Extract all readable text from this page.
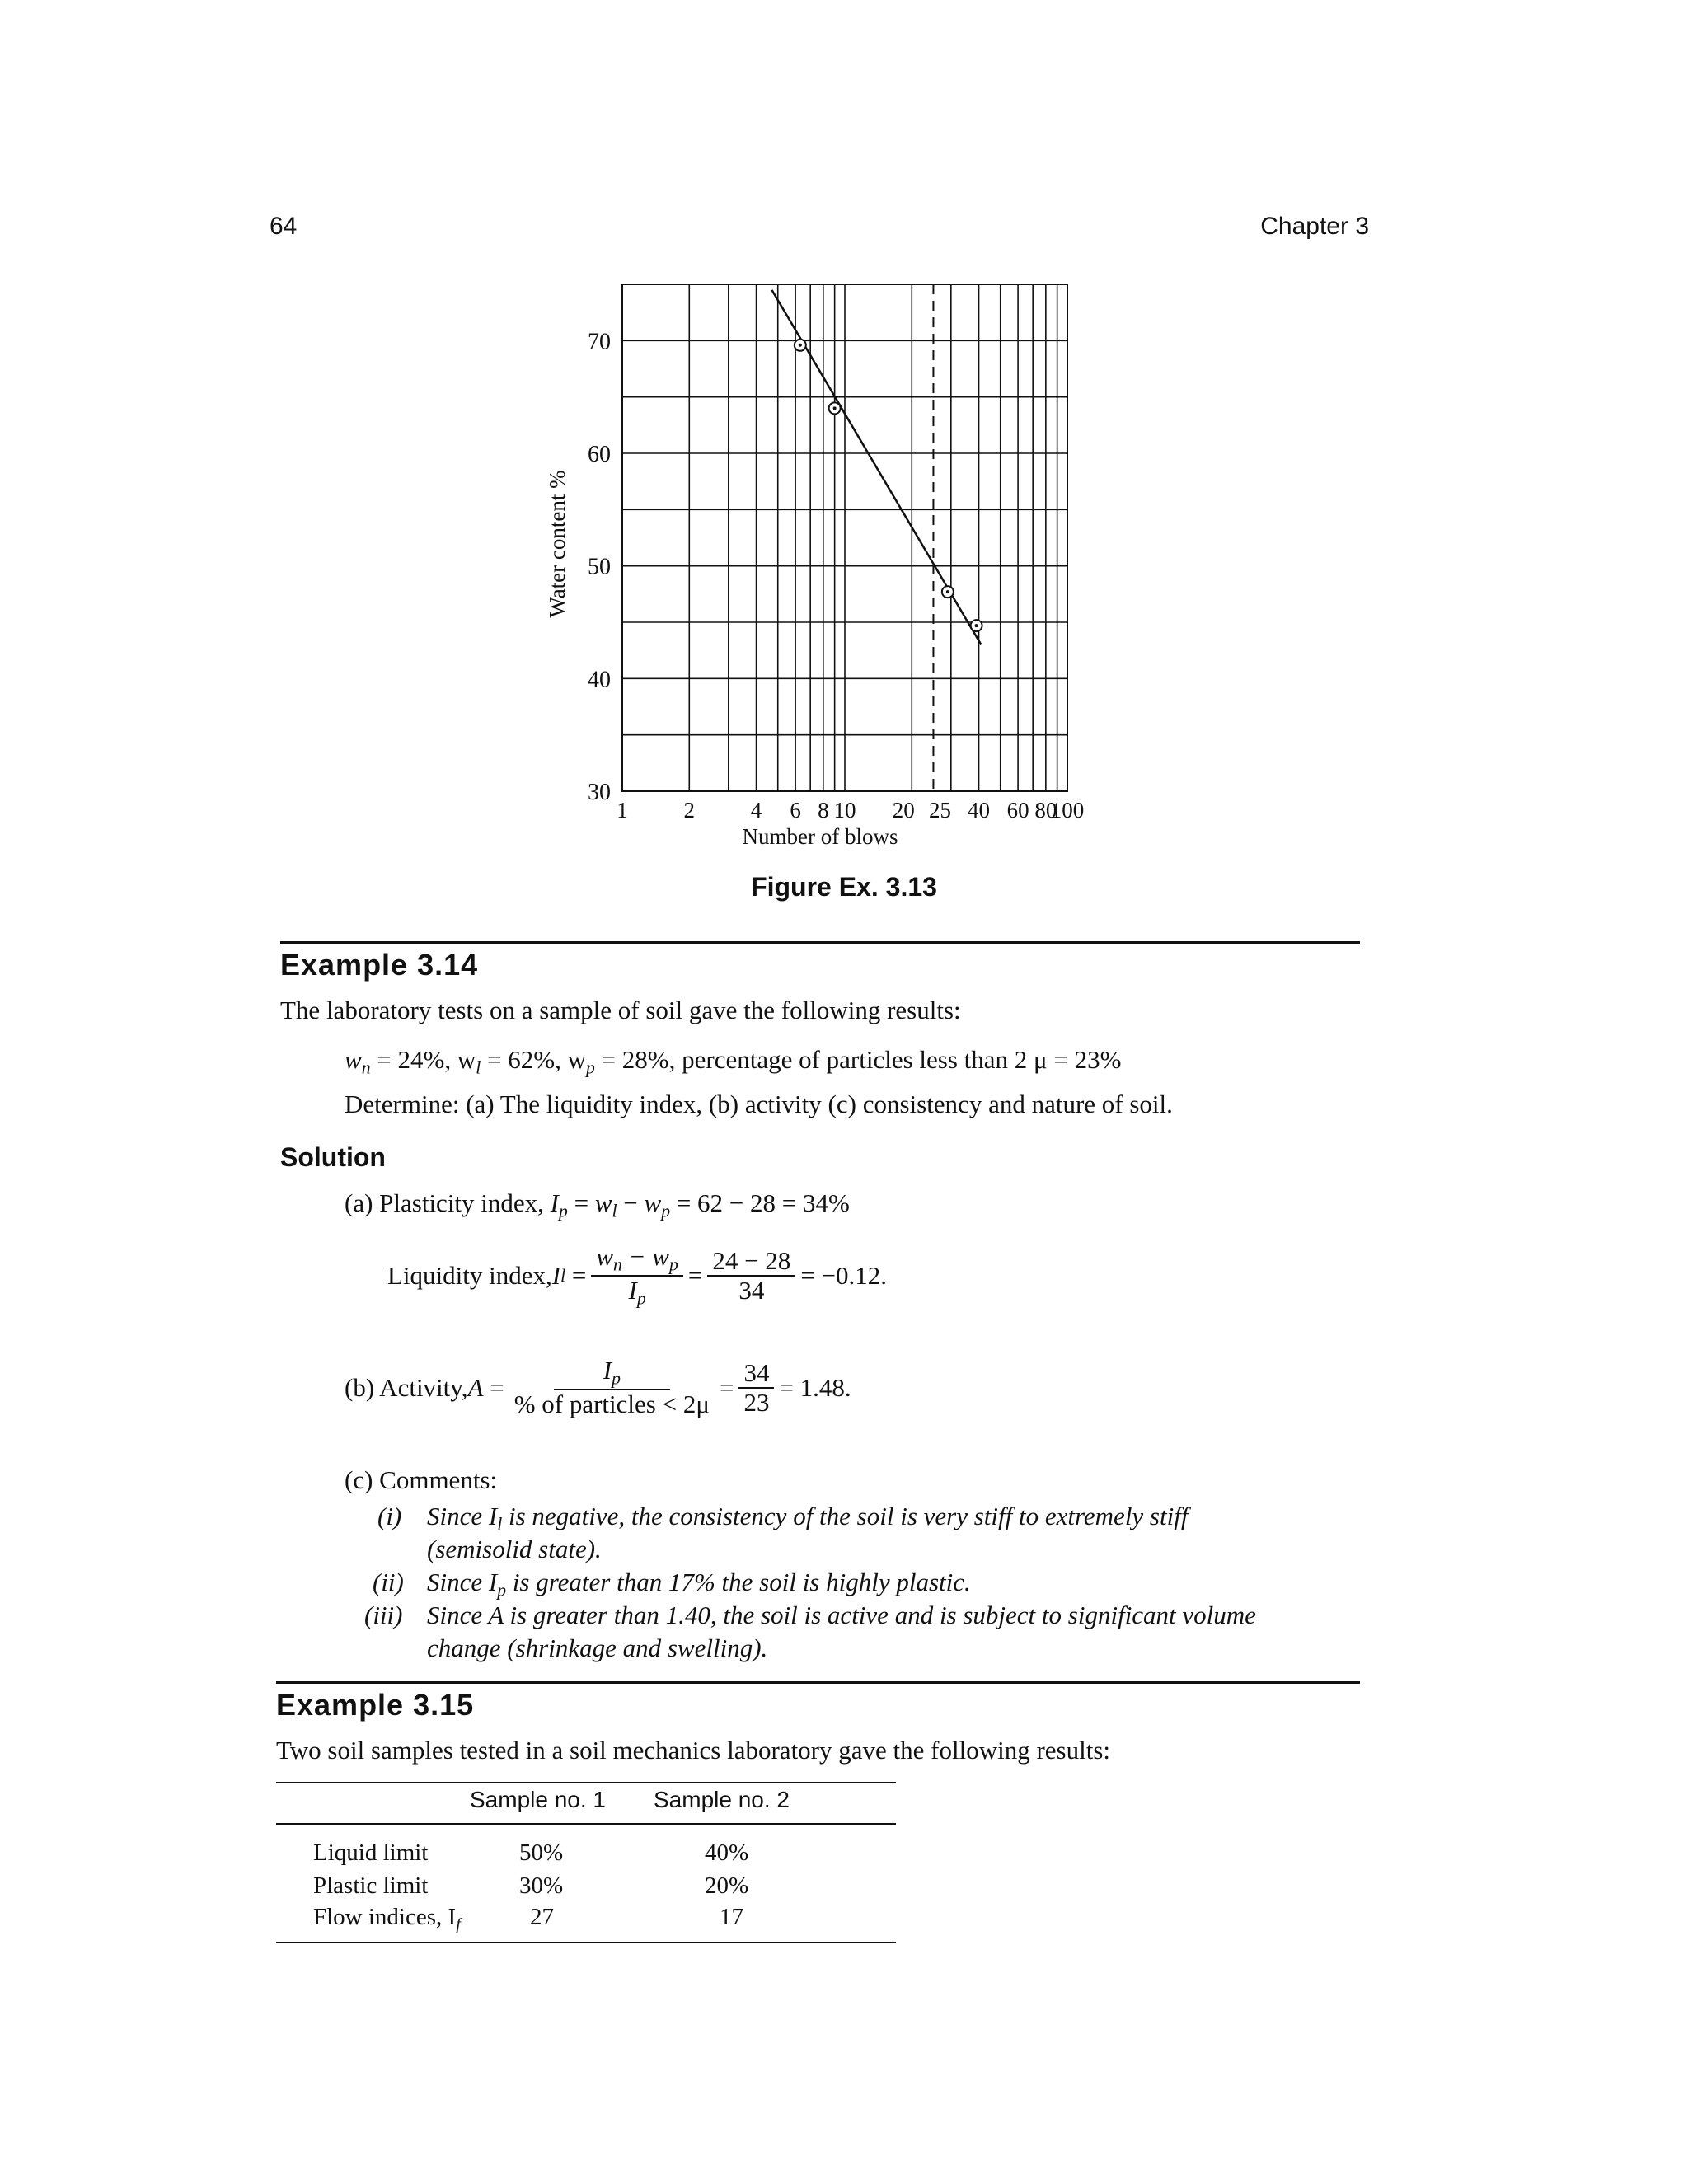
64	Chapter 3
30
40
50
60
70
1	2	4 6 8 10 20 25 40 60 80
100
Number of blows
Water content %
Figure Ex. 3.13
Example 3.14
The laboratory tests on a sample of soil gave the following results:
$w_n = 24\%$, $w_l = 62\%$, $w_p = 28\%$, percentage of particles less than 2 μ = 23%
Determine: (a) The liquidity index, (b) activity (c) consistency and nature of soil.
Solution
(a) Plasticity index, $I_p = w_l - w_p = 62 - 28 = 34\%$
Liquidity index, I $l = \frac{w_n - w_p}{I_p} = \frac{24 - 28}{34} = -0.12$.
(b) Activity, $A = \frac{I_p}{\text{\% of particles < 2μ}} = \frac{34}{23} = 1.48$.
(c) Comments:
(i) Since $I_l$ is negative, the consistency of the soil is very stiff to extremely stiff
(semisolid state).
(ii) Since $I_p$ is greater than 17% the soil is highly plastic.
(iii) Since A is greater than 1.40, the soil is active and is subject to significant volume
change (shrinkage and swelling).
Example 3.15
Two soil samples tested in a soil mechanics laboratory gave the following results:
Sample no. 1 Sample no. 2
Liquid limit	50%	40%
Plastic limit	30%	20%
Flow indices, $I_f$	27	17
